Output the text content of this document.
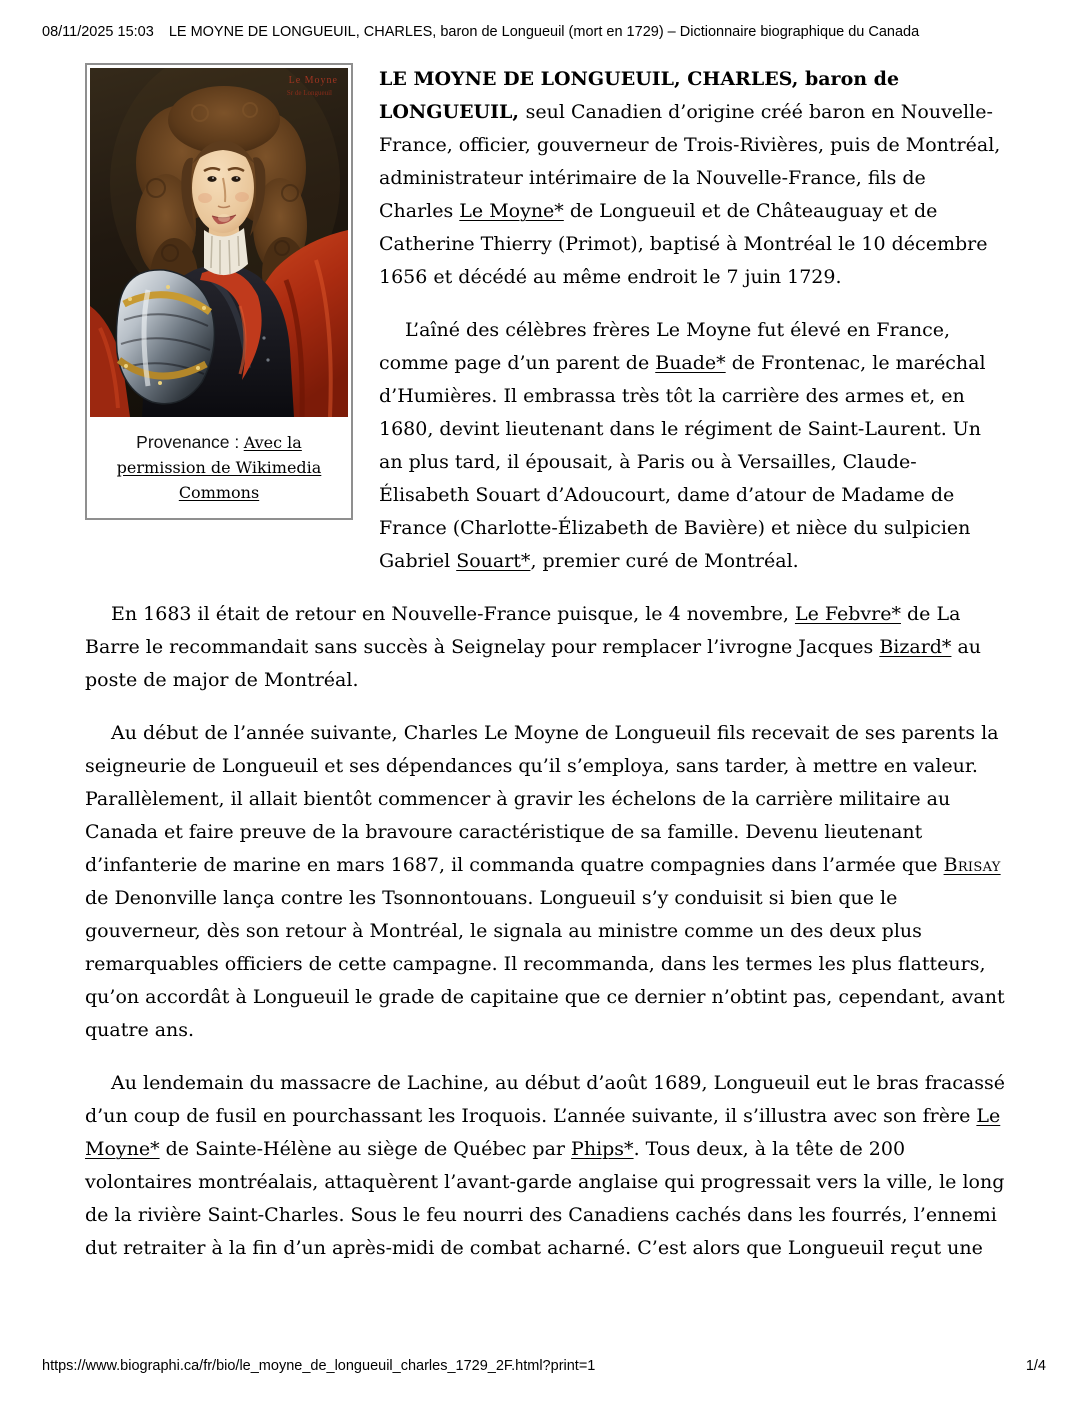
08/11/2025 15:03 LE MOYNE DE LONGUEUIL, CHARLES, baron de Longueuil (mort en 1729) – Dictionnaire biographique du Canada
Le Moyne
Sr de Longueuil
Provenance : Avec la permission de Wikimedia Commons

LE MOYNE DE LONGUEUIL, CHARLES, baron de LONGUEUIL, seul Canadien d’origine créé baron en Nouvelle-France, officier, gouverneur de Trois-Rivières, puis de Montréal, administrateur intérimaire de la Nouvelle-France, fils de Charles Le Moyne* de Longueuil et de Châteauguay et de Catherine Thierry (Primot), baptisé à Montréal le 10 décembre 1656 et décédé au même endroit le 7 juin 1729.

L’aîné des célèbres frères Le Moyne fut élevé en France, comme page d’un parent de Buade* de Frontenac, le maréchal d’Humières. Il embrassa très tôt la carrière des armes et, en 1680, devint lieutenant dans le régiment de Saint-Laurent. Un an plus tard, il épousait, à Paris ou à Versailles, Claude-Élisabeth Souart d’Adoucourt, dame d’atour de Madame de France (Charlotte-Élizabeth de Bavière) et nièce du sulpicien Gabriel Souart*, premier curé de Montréal.

En 1683 il était de retour en Nouvelle-France puisque, le 4 novembre, Le Febvre* de La Barre le recommandait sans succès à Seignelay pour remplacer l’ivrogne Jacques Bizard* au poste de major de Montréal.

Au début de l’année suivante, Charles Le Moyne de Longueuil fils recevait de ses parents la seigneurie de Longueuil et ses dépendances qu’il s’employa, sans tarder, à mettre en valeur. Parallèlement, il allait bientôt commencer à gravir les échelons de la carrière militaire au Canada et faire preuve de la bravoure caractéristique de sa famille. Devenu lieutenant d’infanterie de marine en mars 1687, il commanda quatre compagnies dans l’armée que Brisay de Denonville lança contre les Tsonnontouans. Longueuil s’y conduisit si bien que le gouverneur, dès son retour à Montréal, le signala au ministre comme un des deux plus remarquables officiers de cette campagne. Il recommanda, dans les termes les plus flatteurs, qu’on accordât à Longueuil le grade de capitaine que ce dernier n’obtint pas, cependant, avant quatre ans.

Au lendemain du massacre de Lachine, au début d’août 1689, Longueuil eut le bras fracassé d’un coup de fusil en pourchassant les Iroquois. L’année suivante, il s’illustra avec son frère Le Moyne* de Sainte-Hélène au siège de Québec par Phips*. Tous deux, à la tête de 200 volontaires montréalais, attaquèrent l’avant-garde anglaise qui progressait vers la ville, le long de la rivière Saint-Charles. Sous le feu nourri des Canadiens cachés dans les fourrés, l’ennemi dut retraiter à la fin d’un après-midi de combat acharné. C’est alors que Longueuil reçut une

https://www.biographi.ca/fr/bio/le_moyne_de_longueuil_charles_1729_2F.html?print=1	1/4
